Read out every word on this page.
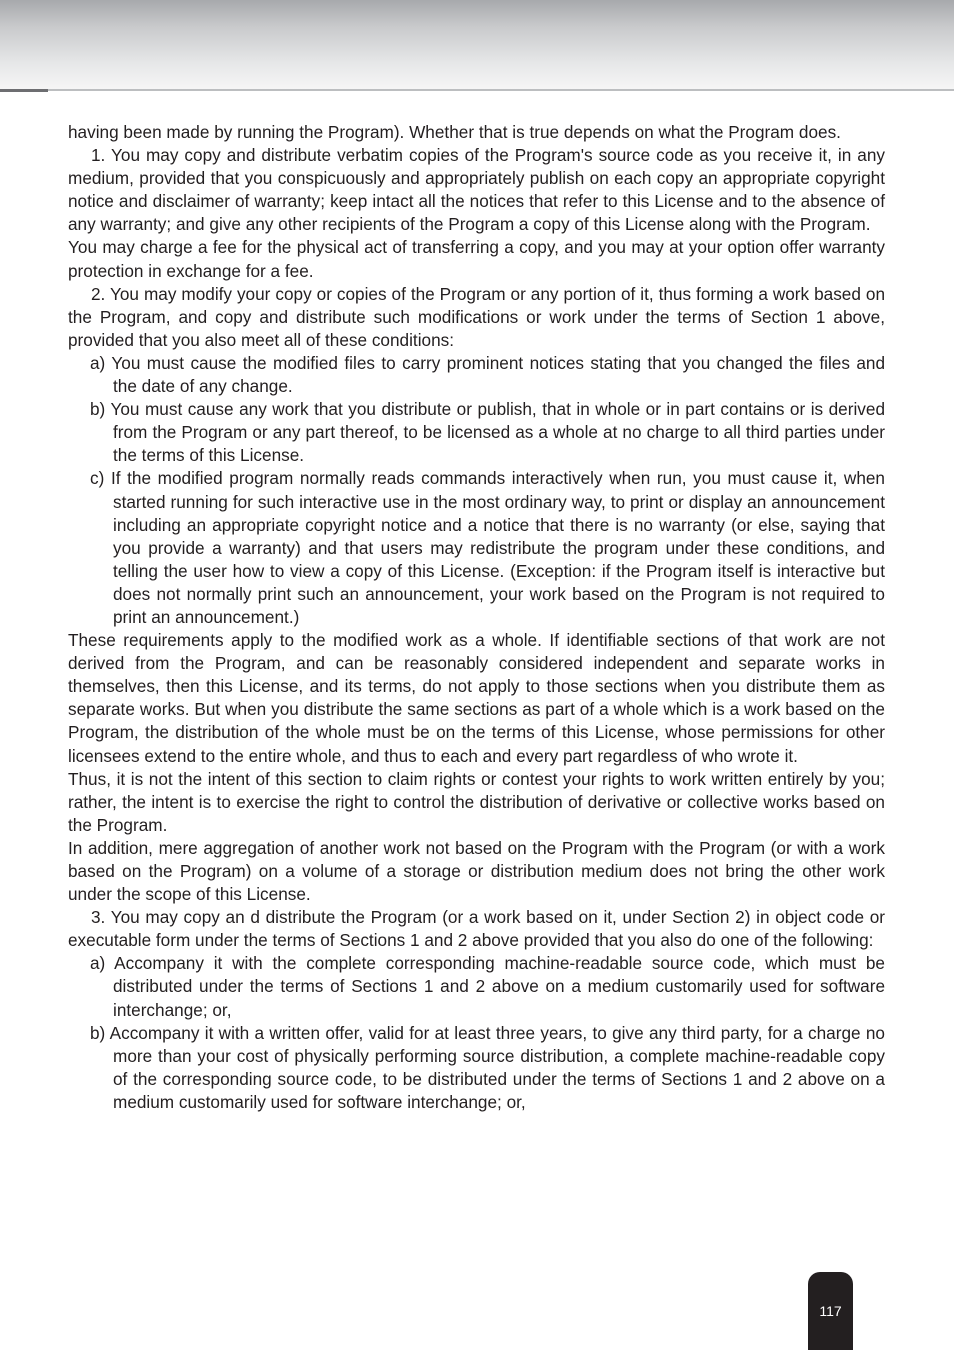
having been made by running the Program). Whether that is true depends on what the Program does.

1. You may copy and distribute verbatim copies of the Program's source code as you receive it, in any medium, provided that you conspicuously and appropriately publish on each copy an appropriate copyright notice and disclaimer of warranty; keep intact all the notices that refer to this License and to the absence of any warranty; and give any other recipients of the Program a copy of this License along with the Program.

You may charge a fee for the physical act of transferring a copy, and you may at your option offer warranty protection in exchange for a fee.

2. You may modify your copy or copies of the Program or any portion of it, thus forming a work based on the Program, and copy and distribute such modifications or work under the terms of Section 1 above, provided that you also meet all of these conditions:

a) You must cause the modified files to carry prominent notices stating that you changed the files and the date of any change.

b) You must cause any work that you distribute or publish, that in whole or in part contains or is derived from the Program or any part thereof, to be licensed as a whole at no charge to all third parties under the terms of this License.

c) If the modified program normally reads commands interactively when run, you must cause it, when started running for such interactive use in the most ordinary way, to print or display an announcement including an appropriate copyright notice and a notice that there is no warranty (or else, saying that you provide a warranty) and that users may redistribute the program under these conditions, and telling the user how to view a copy of this License. (Exception: if the Program itself is interactive but does not normally print such an announcement, your work based on the Program is not required to print an announcement.)

These requirements apply to the modified work as a whole. If identifiable sections of that work are not derived from the Program, and can be reasonably considered independent and separate works in themselves, then this License, and its terms, do not apply to those sections when you distribute them as separate works. But when you distribute the same sections as part of a whole which is a work based on the Program, the distribution of the whole must be on the terms of this License, whose permissions for other licensees extend to the entire whole, and thus to each and every part regardless of who wrote it.

Thus, it is not the intent of this section to claim rights or contest your rights to work written entirely by you; rather, the intent is to exercise the right to control the distribution of derivative or collective works based on the Program.

In addition, mere aggregation of another work not based on the Program with the Program (or with a work based on the Program) on a volume of a storage or distribution medium does not bring the other work under the scope of this License.

3. You may copy an d distribute the Program (or a work based on it, under Section 2) in object code or executable form under the terms of Sections 1 and 2 above provided that you also do one of the following:

a) Accompany it with the complete corresponding machine-readable source code, which must be distributed under the terms of Sections 1 and 2 above on a medium customarily used for software interchange; or,

b) Accompany it with a written offer, valid for at least three years, to give any third party, for a charge no more than your cost of physically performing source distribution, a complete machine-readable copy of the corresponding source code, to be distributed under the terms of Sections 1 and 2 above on a medium customarily used for software interchange; or,

117
